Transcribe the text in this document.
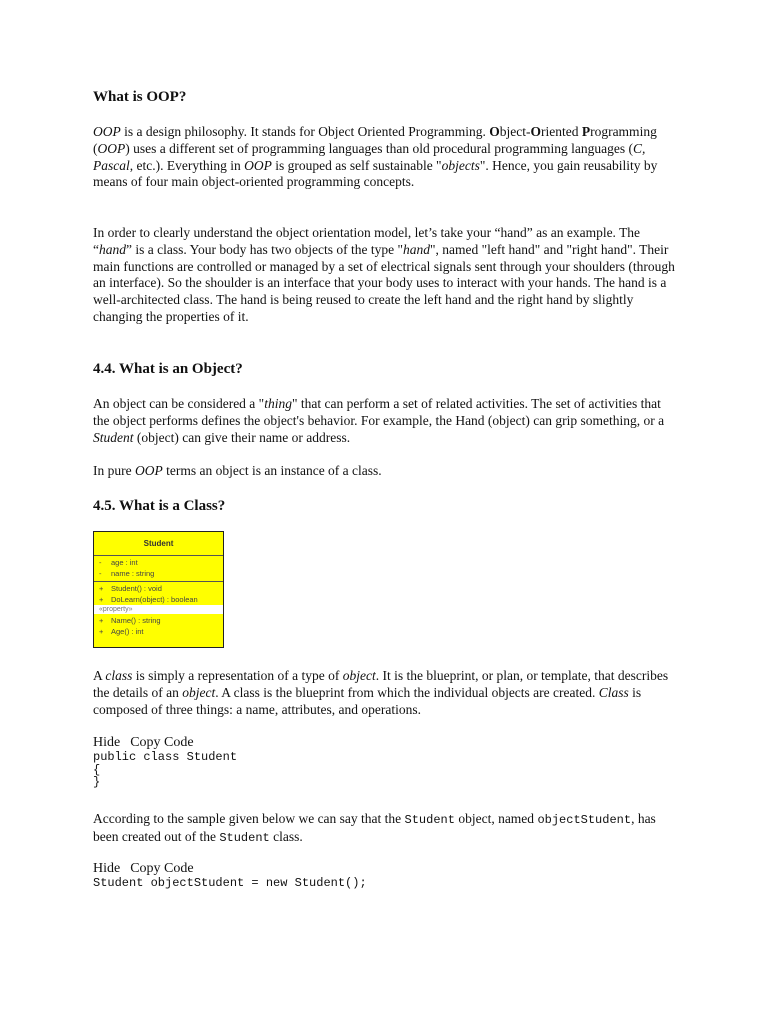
What is OOP?

OOP is a design philosophy. It stands for Object Oriented Programming. Object-Oriented Programming (OOP) uses a different set of programming languages than old procedural programming languages (C, Pascal, etc.). Everything in OOP is grouped as self sustainable "objects". Hence, you gain reusability by means of four main object-oriented programming concepts.

In order to clearly understand the object orientation model, let’s take your “hand” as an example. The “hand” is a class. Your body has two objects of the type "hand", named "left hand" and "right hand". Their main functions are controlled or managed by a set of electrical signals sent through your shoulders (through an interface). So the shoulder is an interface that your body uses to interact with your hands. The hand is a well-architected class. The hand is being reused to create the left hand and the right hand by slightly changing the properties of it.

4.4. What is an Object?

An object can be considered a "thing" that can perform a set of related activities. The set of activities that the object performs defines the object's behavior. For example, the Hand (object) can grip something, or a Student (object) can give their name or address.

In pure OOP terms an object is an instance of a class.

4.5. What is a Class?
Student
- age : int
- name : string
+ Student() : void
+ DoLearn(object) : boolean
«property»
+ Name() : string
+ Age() : int

A class is simply a representation of a type of object. It is the blueprint, or plan, or template, that describes the details of an object. A class is the blueprint from which the individual objects are created. Class is composed of three things: a name, attributes, and operations.

Hide Copy Code
public class Student
{
}

According to the sample given below we can say that the Student object, named objectStudent, has been created out of the Student class.

Hide Copy Code
Student objectStudent = new Student();
